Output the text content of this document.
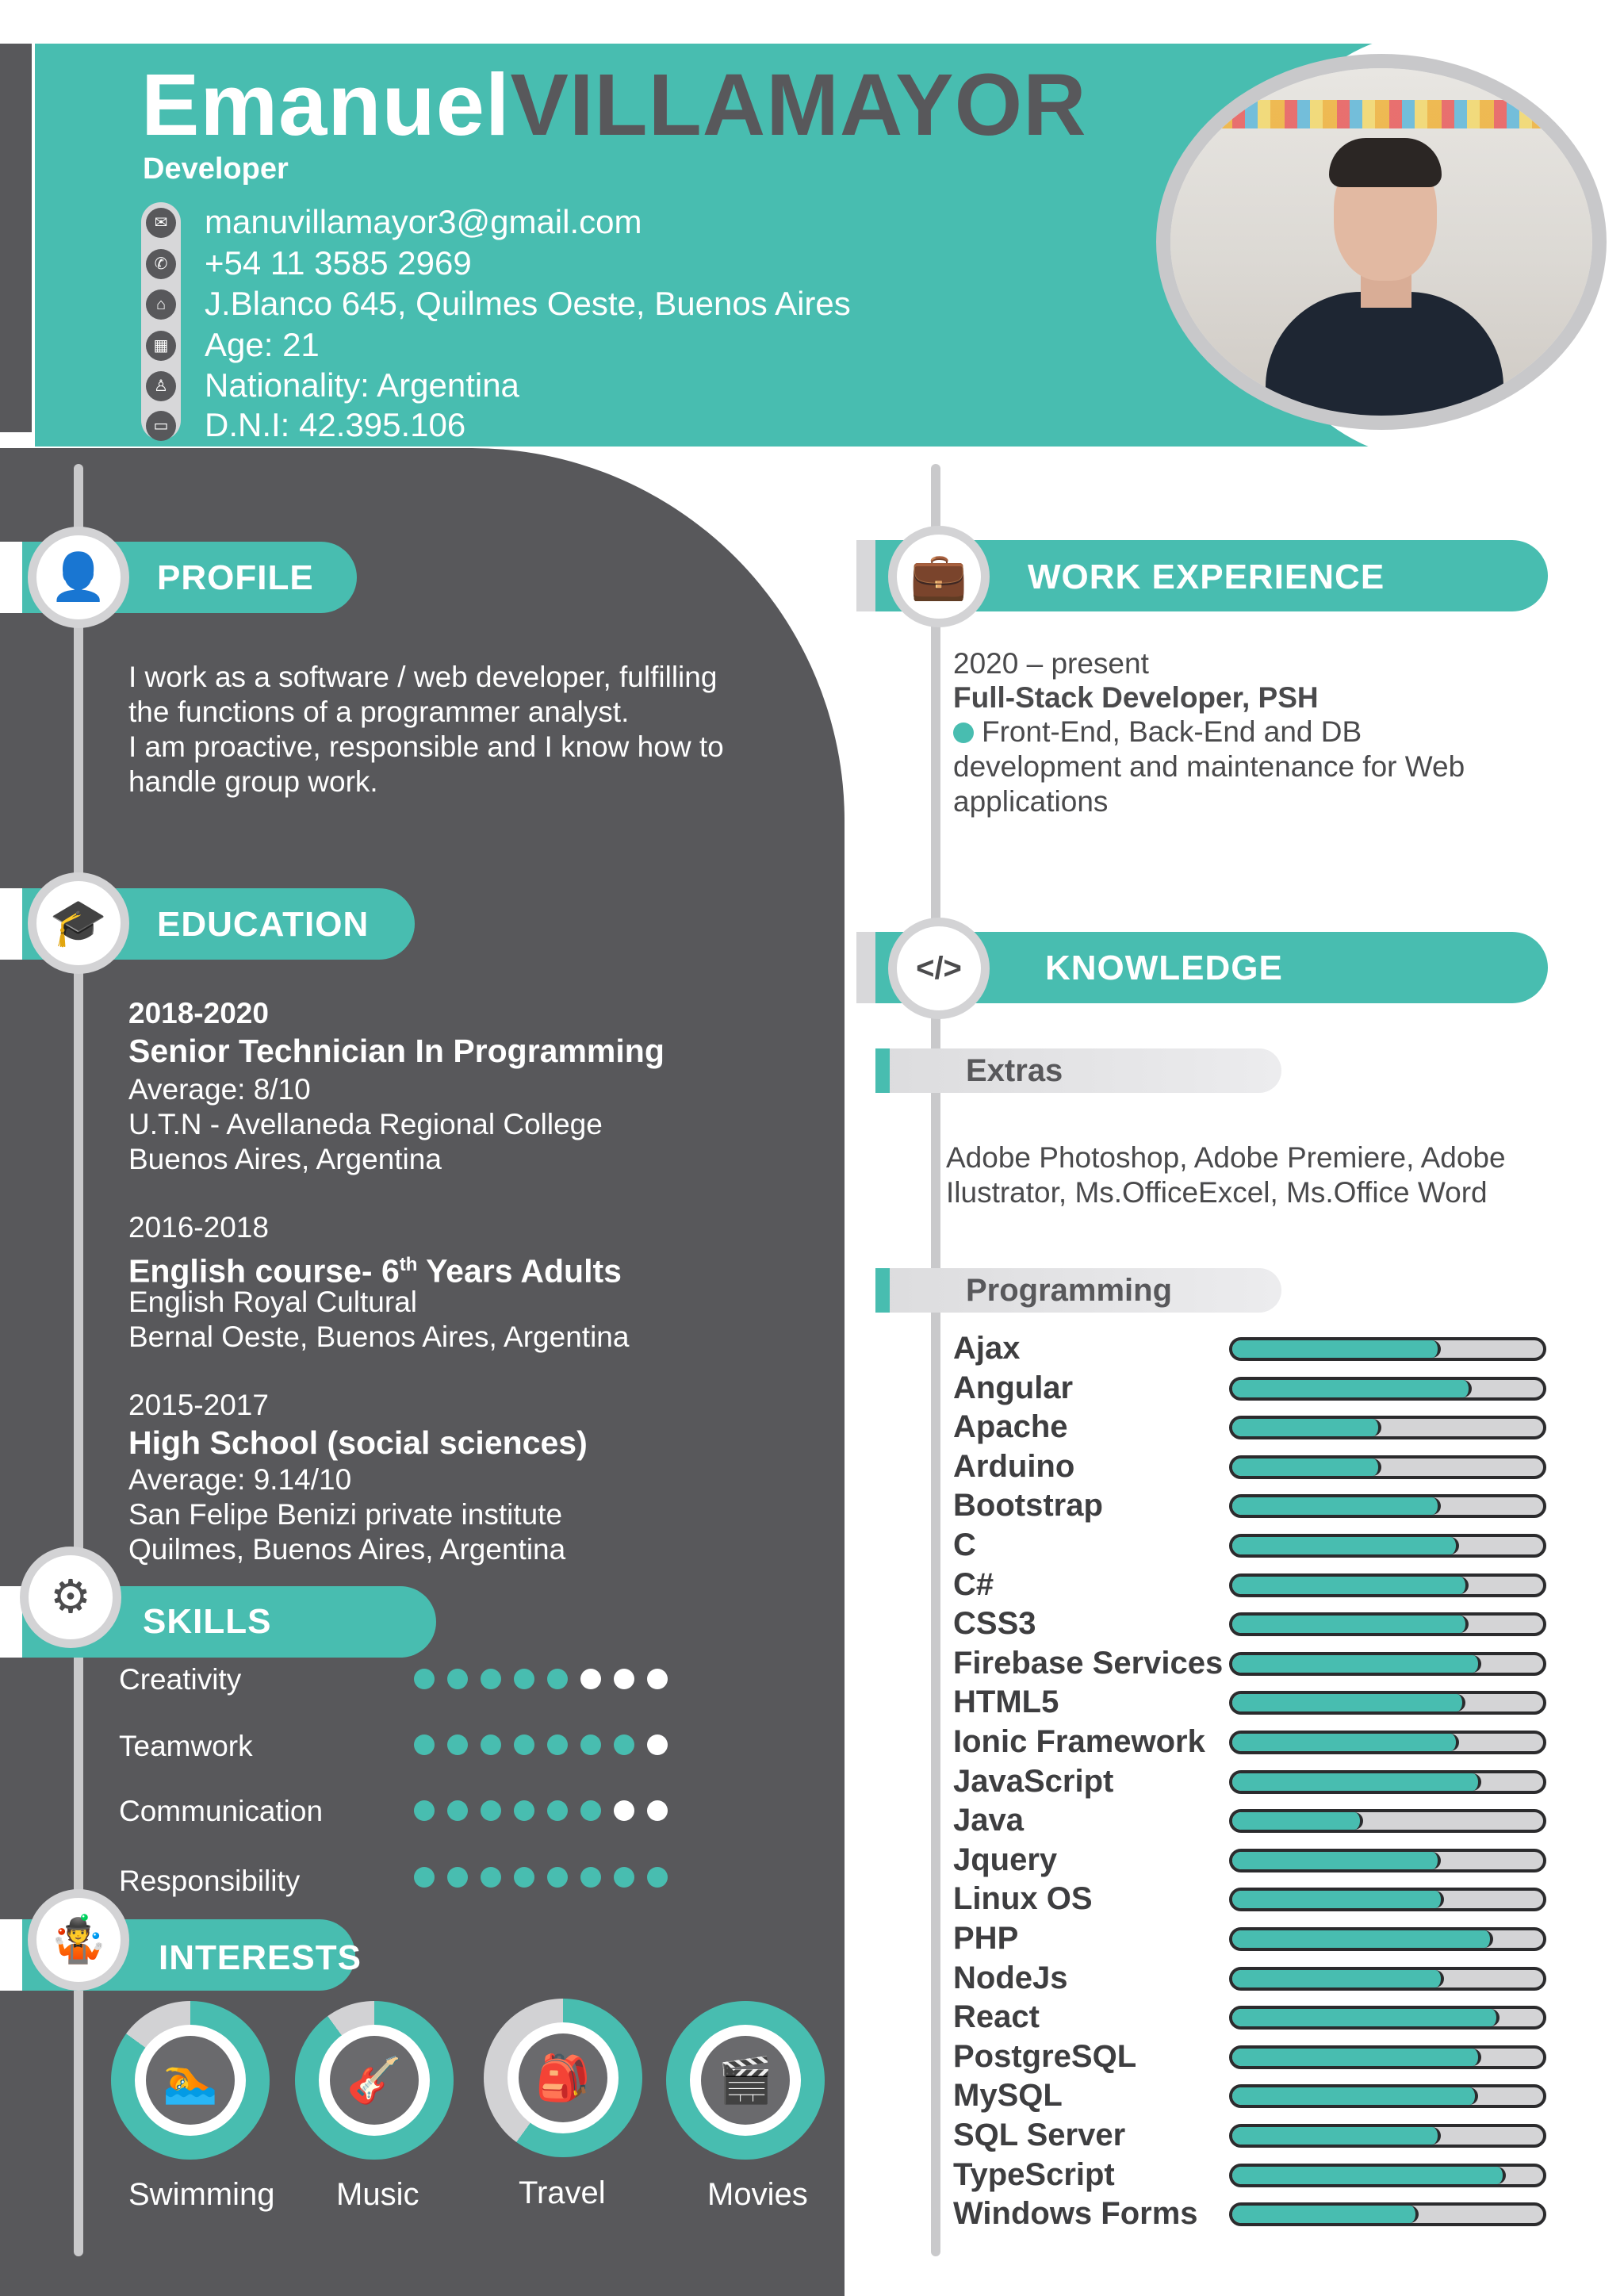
EmanuelVILLAMAYOR
Developer
✉ manuvillamayor3@gmail.com
✆ +54 11 3585 2969
⌂	J.Blanco 645, Quilmes Oeste, Buenos Aires
▦ Age: 21
♙ Nationality: Argentina
▭ D.N.I: 42.395.106
👤	PROFILE
I work as a software / web developer, fulfilling
the functions of a programmer analyst.
I am proactive, responsible and I know how to
handle group work.
🎓	EDUCATION
2018-2020
Senior Technician In Programming
Average: 8/10
U.T.N - Avellaneda Regional College
Buenos Aires, Argentina
2016-2018
English course- 6th Years Adults
English Royal Cultural
Bernal Oeste, Buenos Aires, Argentina
2015-2017
High School (social sciences)
Average: 9.14/10
San Felipe Benizi private institute
Quilmes, Buenos Aires, Argentina
⚙	SKILLS
Creativity
Teamwork
Communication
Responsibility
🤹	INTERESTS
🏊	🎸	🎒	🎬
Swimming Music	Travel	Movies
💼	WORK EXPERIENCE
2020 – present
Full-Stack Developer, PSH
Front-End, Back-End and DB
development and maintenance for Web
applications
</>	KNOWLEDGE
Extras
Adobe Photoshop, Adobe Premiere, Adobe
Ilustrator, Ms.OfficeExcel, Ms.Office Word
Programming
Ajax
Angular
Apache
Arduino
Bootstrap
C
C#
CSS3
Firebase Services
HTML5
Ionic Framework
JavaScript
Java
Jquery
Linux OS
PHP
NodeJs
React
PostgreSQL
MySQL
SQL Server
TypeScript
Windows Forms
